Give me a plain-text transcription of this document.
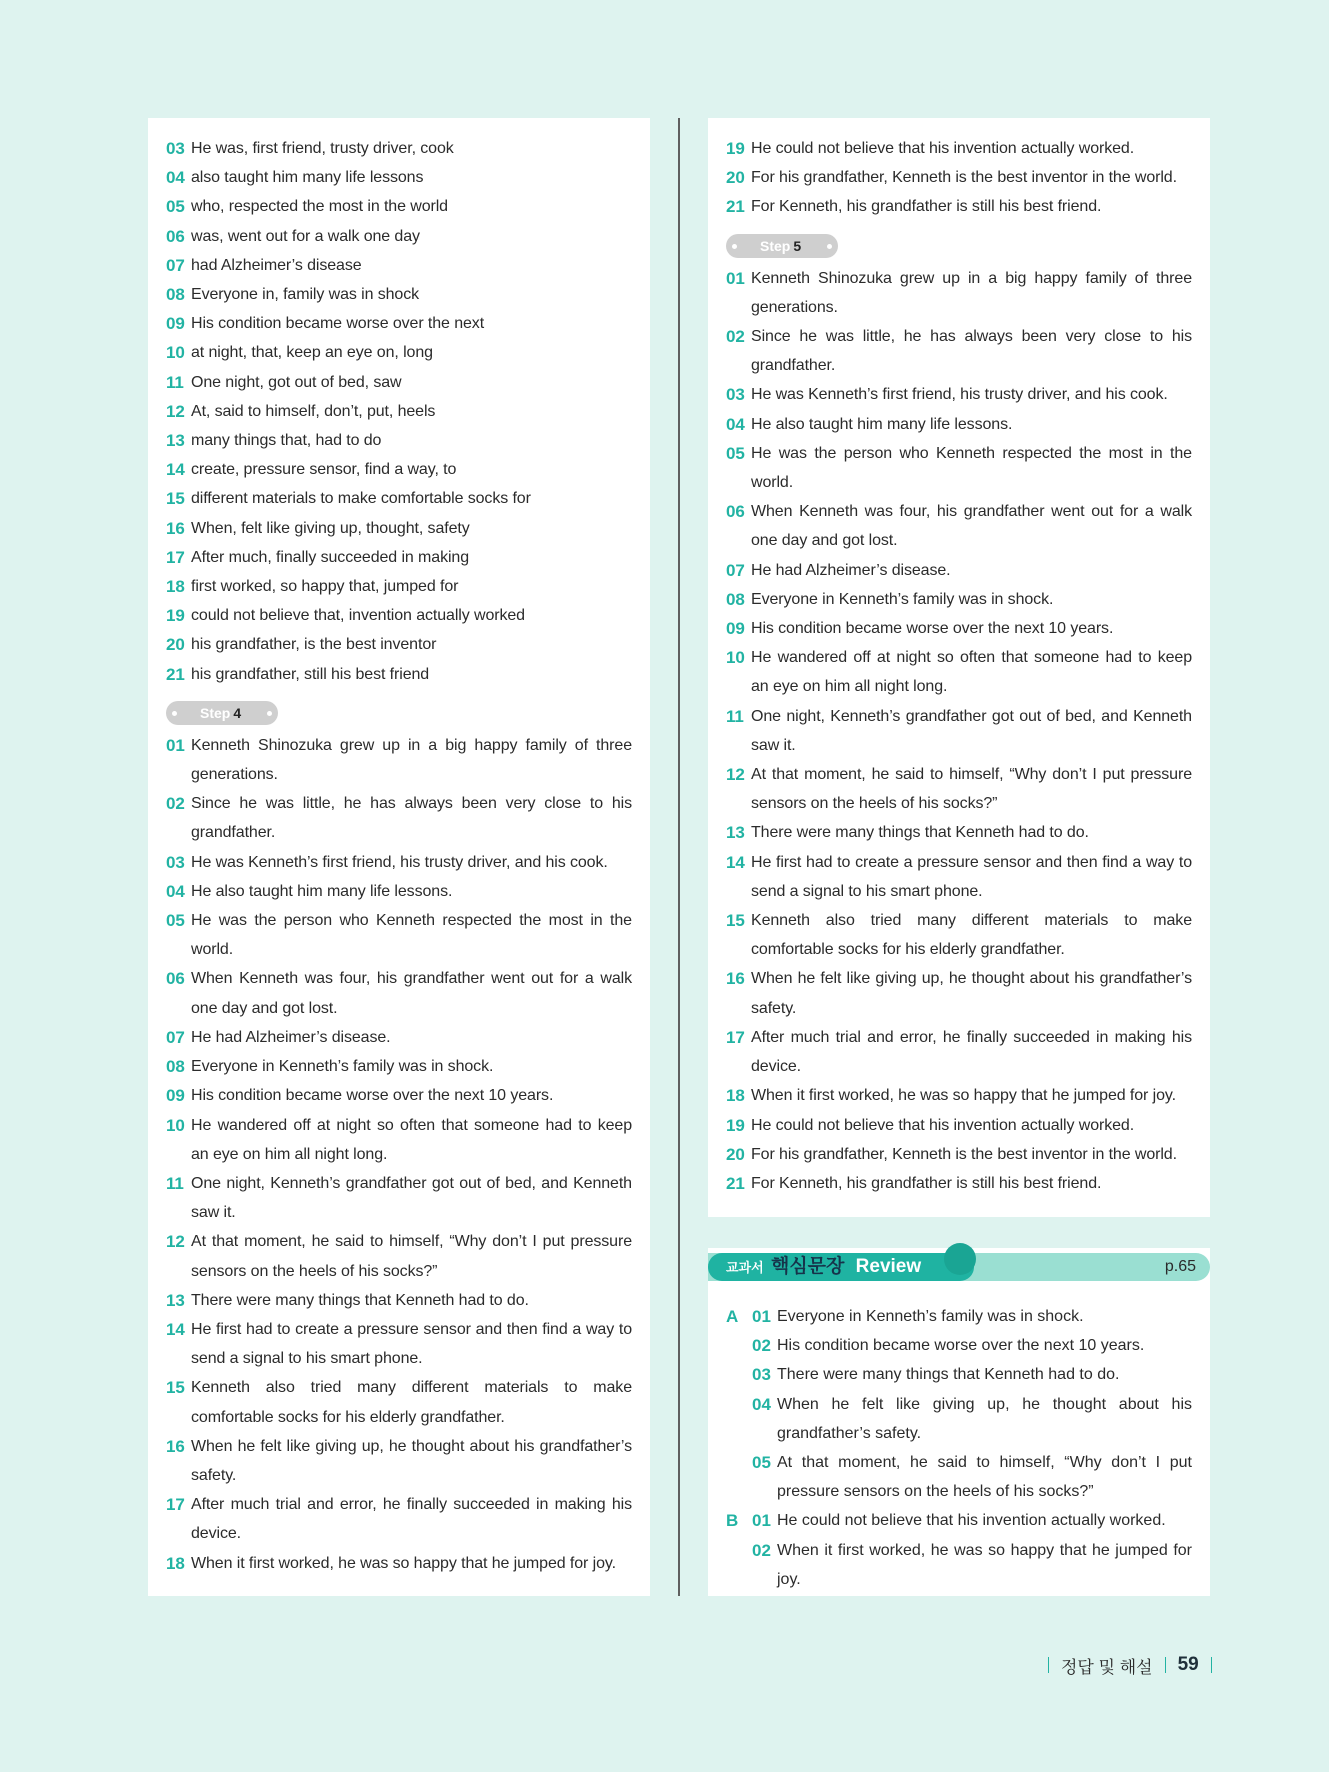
03 He was, first friend, trusty driver, cook
04 also taught him many life lessons
05 who, respected the most in the world
06 was, went out for a walk one day
07 had Alzheimer’s disease
08 Everyone in, family was in shock
09 His condition became worse over the next
10 at night, that, keep an eye on, long
11 One night, got out of bed, saw
12 At, said to himself, don’t, put, heels
13 many things that, had to do
14 create, pressure sensor, find a way, to
15 different materials to make comfortable socks for
16 When, felt like giving up, thought, safety
17 After much, finally succeeded in making
18 first worked, so happy that, jumped for
19 could not believe that, invention actually worked
20 his grandfather, is the best inventor
21 his grandfather, still his best friend
Step 4
01 Kenneth Shinozuka grew up in a big happy family of three generations.
02 Since he was little, he has always been very close to his grandfather.
03 He was Kenneth’s first friend, his trusty driver, and his cook.
04 He also taught him many life lessons.
05 He was the person who Kenneth respected the most in the world.
06 When Kenneth was four, his grandfather went out for a walk one day and got lost.
07 He had Alzheimer’s disease.
08 Everyone in Kenneth’s family was in shock.
09 His condition became worse over the next 10 years.
10 He wandered off at night so often that someone had to keep an eye on him all night long.
11 One night, Kenneth’s grandfather got out of bed, and Kenneth saw it.
12 At that moment, he said to himself, “Why don’t I put pressure sensors on the heels of his socks?”
13 There were many things that Kenneth had to do.
14 He first had to create a pressure sensor and then find a way to send a signal to his smart phone.
15 Kenneth also tried many different materials to make comfortable socks for his elderly grandfather.
16 When he felt like giving up, he thought about his grandfather’s safety.
17 After much trial and error, he finally succeeded in making his device.
18 When it first worked, he was so happy that he jumped for joy.
19 He could not believe that his invention actually worked.
20 For his grandfather, Kenneth is the best inventor in the world.
21 For Kenneth, his grandfather is still his best friend.
Step 5
01 Kenneth Shinozuka grew up in a big happy family of three generations.
02 Since he was little, he has always been very close to his grandfather.
03 He was Kenneth’s first friend, his trusty driver, and his cook.
04 He also taught him many life lessons.
05 He was the person who Kenneth respected the most in the world.
06 When Kenneth was four, his grandfather went out for a walk one day and got lost.
07 He had Alzheimer’s disease.
08 Everyone in Kenneth’s family was in shock.
09 His condition became worse over the next 10 years.
10 He wandered off at night so often that someone had to keep an eye on him all night long.
11 One night, Kenneth’s grandfather got out of bed, and Kenneth saw it.
12 At that moment, he said to himself, “Why don’t I put pressure sensors on the heels of his socks?”
13 There were many things that Kenneth had to do.
14 He first had to create a pressure sensor and then find a way to send a signal to his smart phone.
15 Kenneth also tried many different materials to make comfortable socks for his elderly grandfather.
16 When he felt like giving up, he thought about his grandfather’s safety.
17 After much trial and error, he finally succeeded in making his device.
18 When it first worked, he was so happy that he jumped for joy.
19 He could not believe that his invention actually worked.
20 For his grandfather, Kenneth is the best inventor in the world.
21 For Kenneth, his grandfather is still his best friend.
A 01 Everyone in Kenneth’s family was in shock.
02 His condition became worse over the next 10 years.
03 There were many things that Kenneth had to do.
04 When he felt like giving up, he thought about his grandfather’s safety.
05 At that moment, he said to himself, “Why don’t I put pressure sensors on the heels of his socks?”
B 01 He could not believe that his invention actually worked.
02 When it first worked, he was so happy that he jumped for joy.
교과서 핵심문장 Review	p.65
정답 및 해설 59
